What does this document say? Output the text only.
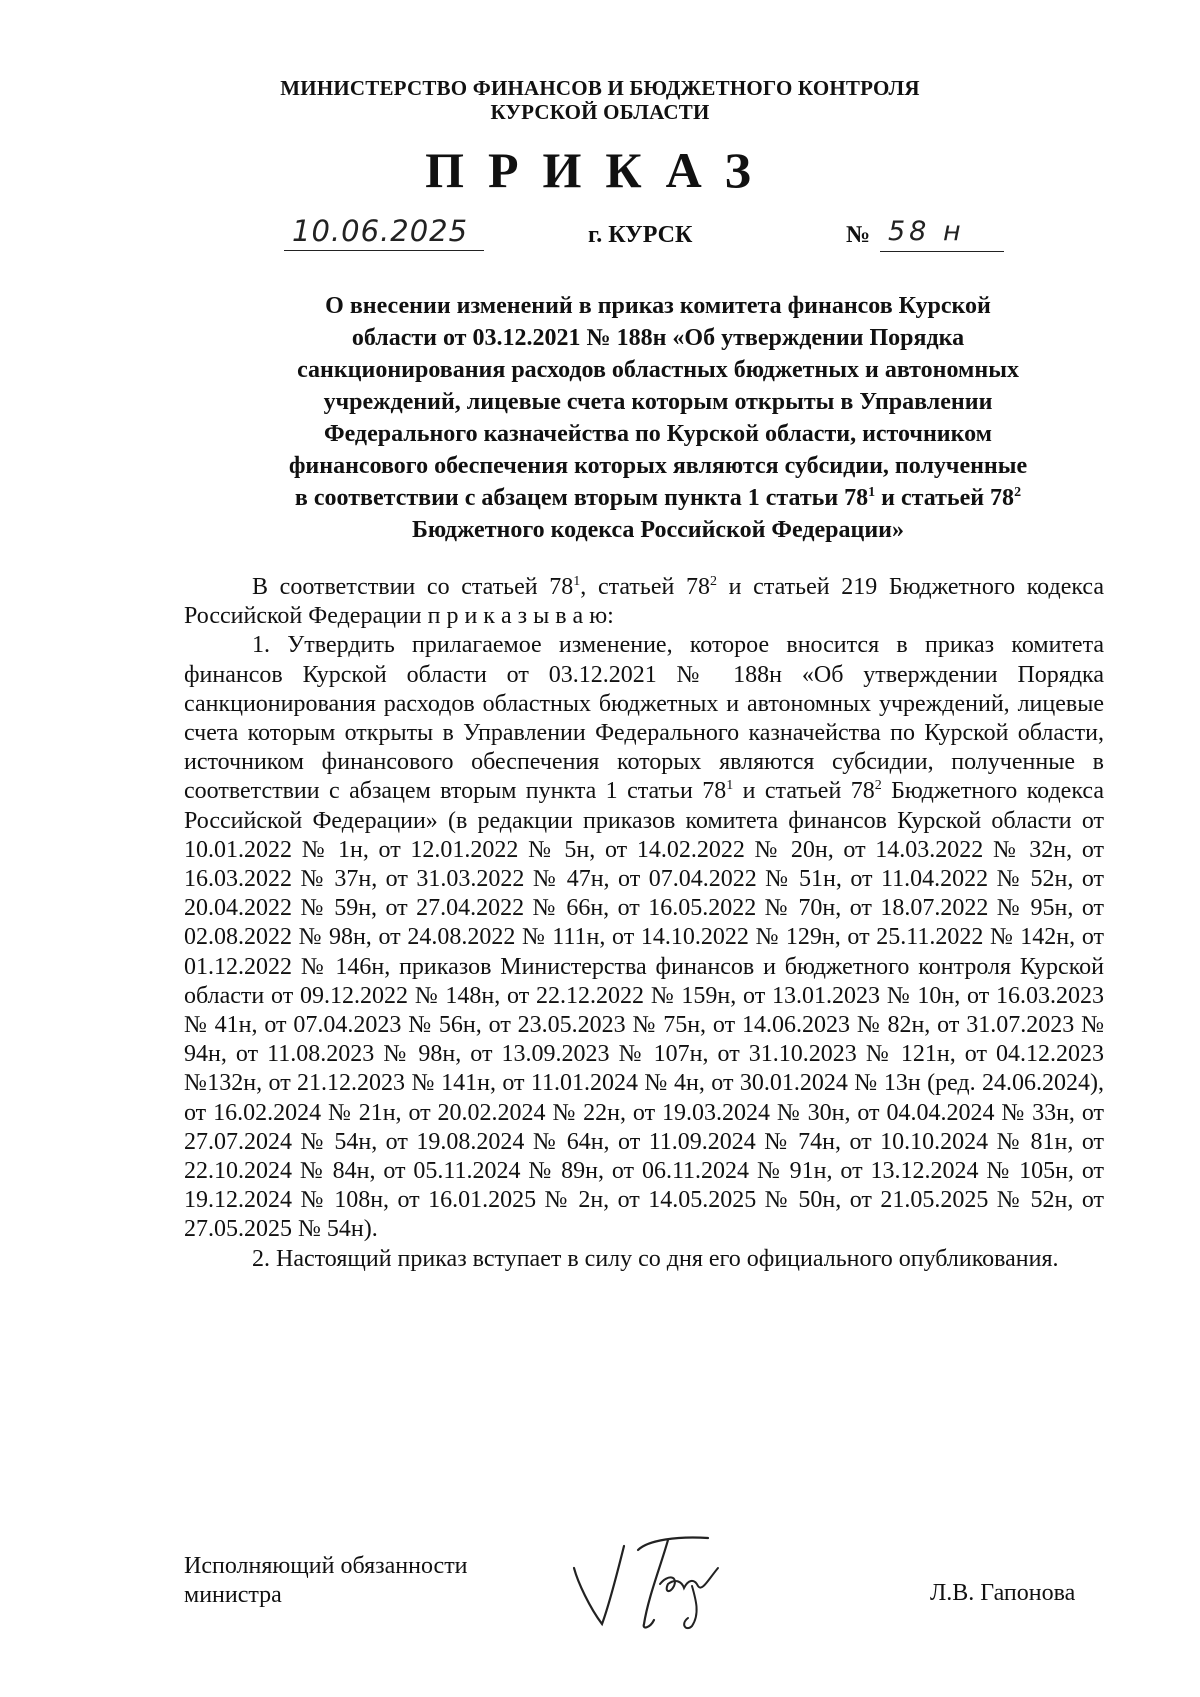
МИНИСТЕРСТВО ФИНАНСОВ И БЮДЖЕТНОГО КОНТРОЛЯ
КУРСКОЙ ОБЛАСТИ
ПРИКАЗ
10.06.2025	г. КУРСК	№ 58 н
О внесении изменений в приказ комитета финансов Курской
области от 03.12.2021 № 188н «Об утверждении Порядка
санкционирования расходов областных бюджетных и автономных
учреждений, лицевые счета которым открыты в Управлении
Федерального казначейства по Курской области, источником
финансового обеспечения которых являются субсидии, полученные
в соответствии с абзацем вторым пункта 1 статьи $78^1$ и статьей $78^2$
Бюджетного кодекса Российской Федерации»
В соответствии со статьей $78^1$, статьей $78^2$ и статьей 219 Бюджетного кодекса Российской Федерации п р и к а з ы в а ю:
1. Утвердить прилагаемое изменение, которое вносится в приказ комитета финансов Курской области от 03.12.2021 № 188н «Об утверждении Порядка санкционирования расходов областных бюджетных и автономных учреждений, лицевые счета которым открыты в Управлении Федерального казначейства по Курской области, источником финансового обеспечения которых являются субсидии, полученные в соответствии с абзацем вторым пункта 1 статьи $78^1$ и статьей $78^2$ Бюджетного кодекса Российской Федерации» (в редакции приказов комитета финансов Курской области от 10.01.2022 № 1н, от 12.01.2022 № 5н, от 14.02.2022 № 20н, от 14.03.2022 № 32н, от 16.03.2022 № 37н, от 31.03.2022 № 47н, от 07.04.2022 № 51н, от 11.04.2022 № 52н, от 20.04.2022 № 59н, от 27.04.2022 № 66н, от 16.05.2022 № 70н, от 18.07.2022 № 95н, от 02.08.2022 № 98н, от 24.08.2022 № 111н, от 14.10.2022 № 129н, от 25.11.2022 № 142н, от 01.12.2022 № 146н, приказов Министерства финансов и бюджетного контроля Курской области от 09.12.2022 № 148н, от 22.12.2022 № 159н, от 13.01.2023 № 10н, от 16.03.2023 № 41н, от 07.04.2023 № 56н, от 23.05.2023 № 75н, от 14.06.2023 № 82н, от 31.07.2023 № 94н, от 11.08.2023 № 98н, от 13.09.2023 № 107н, от 31.10.2023 № 121н, от 04.12.2023 №132н, от 21.12.2023 № 141н, от 11.01.2024 № 4н, от 30.01.2024 № 13н (ред. 24.06.2024), от 16.02.2024 № 21н, от 20.02.2024 № 22н, от 19.03.2024 № 30н, от 04.04.2024 № 33н, от 27.07.2024 № 54н, от 19.08.2024 № 64н, от 11.09.2024 № 74н, от 10.10.2024 № 81н, от 22.10.2024 № 84н, от 05.11.2024 № 89н, от 06.11.2024 № 91н, от 13.12.2024 № 105н, от 19.12.2024 № 108н, от 16.01.2025 № 2н, от 14.05.2025 № 50н, от 21.05.2025 № 52н, от 27.05.2025 № 54н).
2. Настоящий приказ вступает в силу со дня его официального опубликования.
Исполняющий обязанности
министра	Л.В. Гапонова
